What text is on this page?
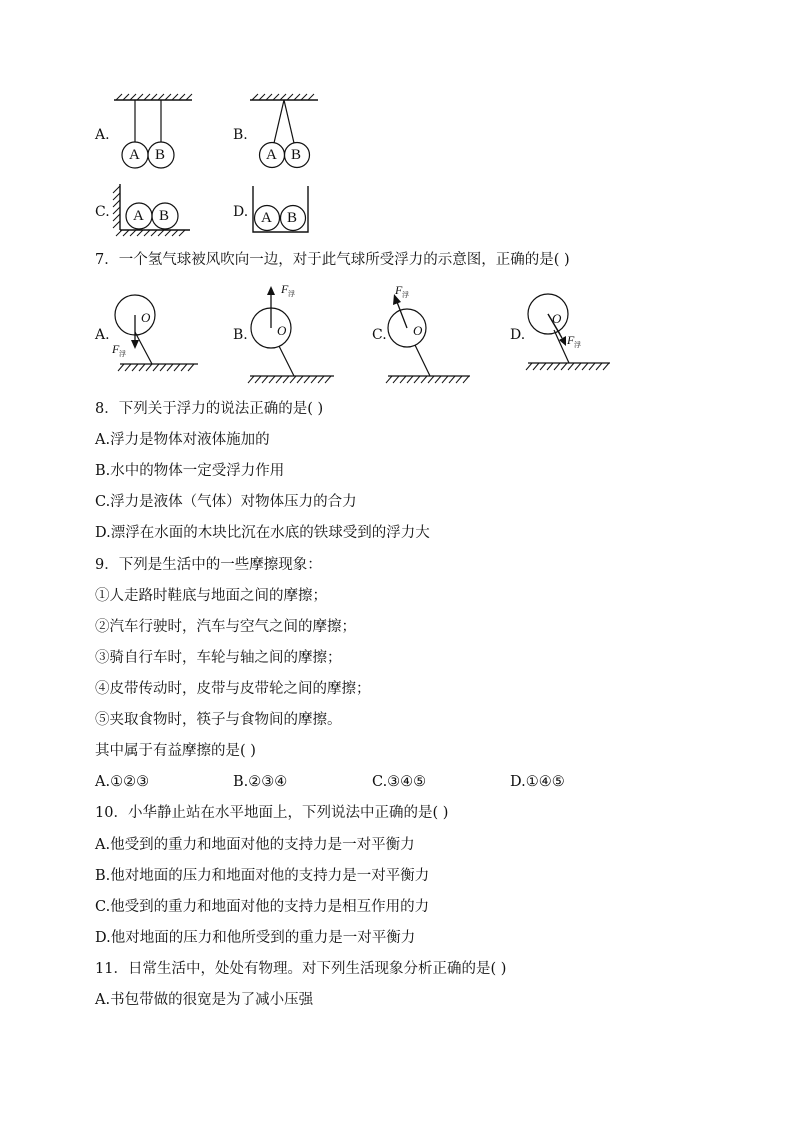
A.
A B
B.
A B
C. A B	D. A B
7．一个氢气球被风吹向一边，对于此气球所受浮力的示意图，正确的是( )
A.
O
F 浮
B. O
F 浮
C. O
F 浮
D.
O
F 浮
8．下列关于浮力的说法正确的是( )
A.浮力是物体对液体施加的
B.水中的物体一定受浮力作用
C.浮力是液体（气体）对物体压力的合力
D.漂浮在水面的木块比沉在水底的铁球受到的浮力大
9．下列是生活中的一些摩擦现象：
①人走路时鞋底与地面之间的摩擦；
②汽车行驶时，汽车与空气之间的摩擦；
③骑自行车时，车轮与轴之间的摩擦；
④皮带传动时，皮带与皮带轮之间的摩擦；
⑤夹取食物时，筷子与食物间的摩擦。
其中属于有益摩擦的是( )
A.①②③	B.②③④	C.③④⑤	D.①④⑤
10．小华静止站在水平地面上，下列说法中正确的是( )
A.他受到的重力和地面对他的支持力是一对平衡力
B.他对地面的压力和地面对他的支持力是一对平衡力
C.他受到的重力和地面对他的支持力是相互作用的力
D.他对地面的压力和他所受到的重力是一对平衡力
11．日常生活中，处处有物理。对下列生活现象分析正确的是( )
A.书包带做的很宽是为了减小压强
